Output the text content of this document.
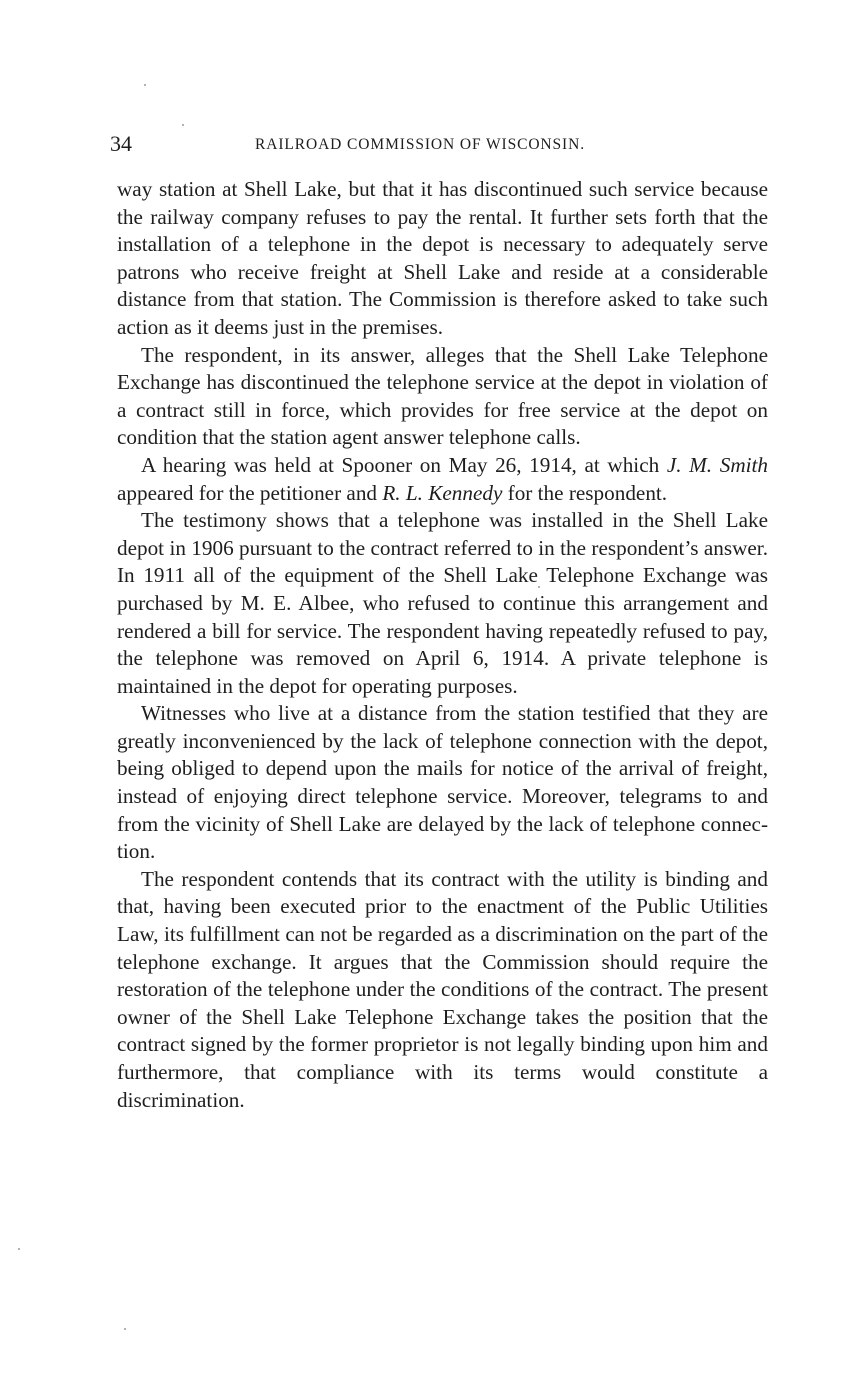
34	RAILROAD COMMISSION OF WISCONSIN.

way station at Shell Lake, but that it has discontinued such service because the railway company refuses to pay the rental. It further sets forth that the installation of a telephone in the depot is necessary to adequately serve patrons who receive freight at Shell Lake and reside at a considerable distance from that station. The Commission is therefore asked to take such action as it deems just in the premises.

The respondent, in its answer, alleges that the Shell Lake Telephone Exchange has discontinued the telephone service at the depot in violation of a contract still in force, which provides for free service at the depot on condition that the station agent answer telephone calls.

A hearing was held at Spooner on May 26, 1914, at which J. M. Smith appeared for the petitioner and R. L. Kennedy for the respondent.

The testimony shows that a telephone was installed in the Shell Lake depot in 1906 pursuant to the contract referred to in the respondent’s answer. In 1911 all of the equipment of the Shell Lake Telephone Exchange was purchased by M. E. Albee, who refused to continue this arrangement and rendered a bill for service. The respondent having repeatedly refused to pay, the telephone was removed on April 6, 1914. A private telephone is maintained in the depot for operating purposes.

Witnesses who live at a distance from the station testified that they are greatly inconvenienced by the lack of telephone connection with the depot, being obliged to depend upon the mails for notice of the arrival of freight, instead of enjoying direct telephone service. Moreover, telegrams to and from the vicinity of Shell Lake are delayed by the lack of telephone connection.

The respondent contends that its contract with the utility is binding and that, having been executed prior to the enactment of the Public Utilities Law, its fulfillment can not be regarded as a discrimination on the part of the telephone exchange. It argues that the Commission should require the restoration of the telephone under the conditions of the contract. The present owner of the Shell Lake Telephone Exchange takes the position that the contract signed by the former proprietor is not legally binding upon him and furthermore, that compliance with its terms would constitute a discrimination.
